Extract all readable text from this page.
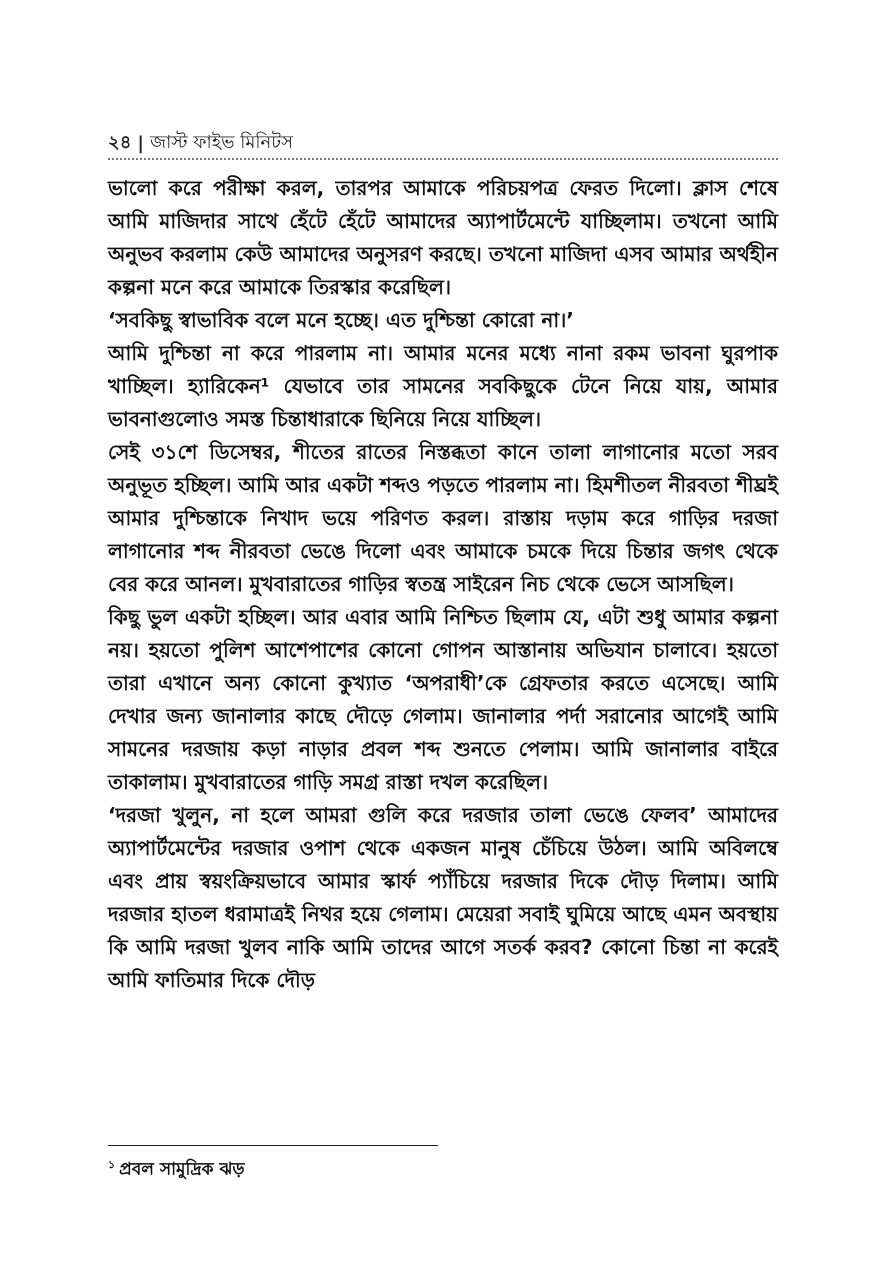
২৪ | জাস্ট ফাইভ মিনিটস

ভালো করে পরীক্ষা করল, তারপর আমাকে পরিচয়পত্র ফেরত দিলো। ক্লাস শেষে আমি মাজিদার সাথে হেঁটে হেঁটে আমাদের অ্যাপার্টমেন্টে যাচ্ছিলাম। তখনো আমি অনুভব করলাম কেউ আমাদের অনুসরণ করছে। তখনো মাজিদা এসব আমার অর্থহীন কল্পনা মনে করে আমাকে তিরস্কার করেছিল।

‘সবকিছু স্বাভাবিক বলে মনে হচ্ছে। এত দুশ্চিন্তা কোরো না।’

আমি দুশ্চিন্তা না করে পারলাম না। আমার মনের মধ্যে নানা রকম ভাবনা ঘুরপাক খাচ্ছিল। হ্যারিকেন¹ যেভাবে তার সামনের সবকিছুকে টেনে নিয়ে যায়, আমার ভাবনাগুলোও সমস্ত চিন্তাধারাকে ছিনিয়ে নিয়ে যাচ্ছিল।

সেই ৩১শে ডিসেম্বর, শীতের রাতের নিস্তব্ধতা কানে তালা লাগানোর মতো সরব অনুভূত হচ্ছিল। আমি আর একটা শব্দও পড়তে পারলাম না। হিমশীতল নীরবতা শীঘ্রই আমার দুশ্চিন্তাকে নিখাদ ভয়ে পরিণত করল। রাস্তায় দড়াম করে গাড়ির দরজা লাগানোর শব্দ নীরবতা ভেঙে দিলো এবং আমাকে চমকে দিয়ে চিন্তার জগৎ থেকে বের করে আনল। মুখবারাতের গাড়ির স্বতন্ত্র সাইরেন নিচ থেকে ভেসে আসছিল।

কিছু ভুল একটা হচ্ছিল। আর এবার আমি নিশ্চিত ছিলাম যে, এটা শুধু আমার কল্পনা নয়। হয়তো পুলিশ আশেপাশের কোনো গোপন আস্তানায় অভিযান চালাবে। হয়তো তারা এখানে অন্য কোনো কুখ্যাত ‘অপরাধী’কে গ্রেফতার করতে এসেছে। আমি দেখার জন্য জানালার কাছে দৌড়ে গেলাম। জানালার পর্দা সরানোর আগেই আমি সামনের দরজায় কড়া নাড়ার প্রবল শব্দ শুনতে পেলাম। আমি জানালার বাইরে তাকালাম। মুখবারাতের গাড়ি সমগ্র রাস্তা দখল করেছিল।

‘দরজা খুলুন, না হলে আমরা গুলি করে দরজার তালা ভেঙে ফেলব’ আমাদের অ্যাপার্টমেন্টের দরজার ওপাশ থেকে একজন মানুষ চেঁচিয়ে উঠল। আমি অবিলম্বে এবং প্রায় স্বয়ংক্রিয়ভাবে আমার স্কার্ফ প্যাঁচিয়ে দরজার দিকে দৌড় দিলাম। আমি দরজার হাতল ধরামাত্রই নিথর হয়ে গেলাম। মেয়েরা সবাই ঘুমিয়ে আছে এমন অবস্থায় কি আমি দরজা খুলব নাকি আমি তাদের আগে সতর্ক করব? কোনো চিন্তা না করেই আমি ফাতিমার দিকে দৌড়

$^১$ প্রবল সামুদ্রিক ঝড়
